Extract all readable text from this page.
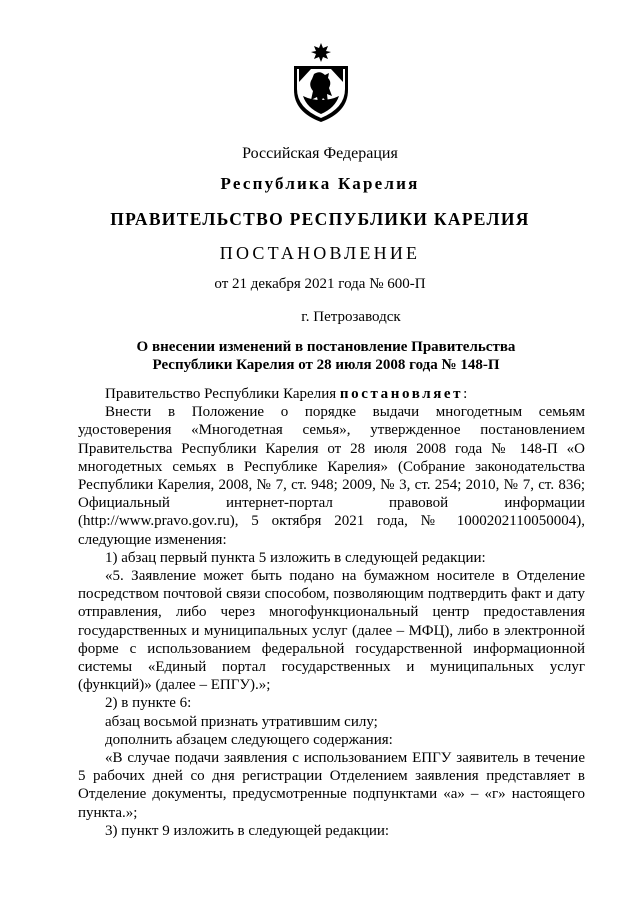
Российская Федерация
Республика Карелия
ПРАВИТЕЛЬСТВО РЕСПУБЛИКИ КАРЕЛИЯ
ПОСТАНОВЛЕНИЕ
от 21 декабря 2021 года № 600-П
г. Петрозаводск
О внесении изменений в постановление Правительства
Республики Карелия от 28 июля 2008 года № 148-П

Правительство Республики Карелия постановляет:

Внести в Положение о порядке выдачи многодетным семьям удостоверения «Многодетная семья», утвержденное постановлением Правительства Республики Карелия от 28 июля 2008 года № 148-П «О многодетных семьях в Республике Карелия» (Собрание законодательства Республики Карелия, 2008, № 7, ст. 948; 2009, № 3, ст. 254; 2010, № 7, ст. 836; Официальный интернет-портал правовой информации (http://www.pravo.gov.ru), 5 октября 2021 года, № 1000202110050004), следующие изменения:

1) абзац первый пункта 5 изложить в следующей редакции:

«5. Заявление может быть подано на бумажном носителе в Отделение посредством почтовой связи способом, позволяющим подтвердить факт и дату отправления, либо через многофункциональный центр предоставления государственных и муниципальных услуг (далее – МФЦ), либо в электронной форме с использованием федеральной государственной информационной системы «Единый портал государственных и муниципальных услуг (функций)» (далее – ЕПГУ).»;

2) в пункте 6:

абзац восьмой признать утратившим силу;

дополнить абзацем следующего содержания:

«В случае подачи заявления с использованием ЕПГУ заявитель в течение 5 рабочих дней со дня регистрации Отделением заявления представляет в Отделение документы, предусмотренные подпунктами «а» – «г» настоящего пункта.»;

3) пункт 9 изложить в следующей редакции:
